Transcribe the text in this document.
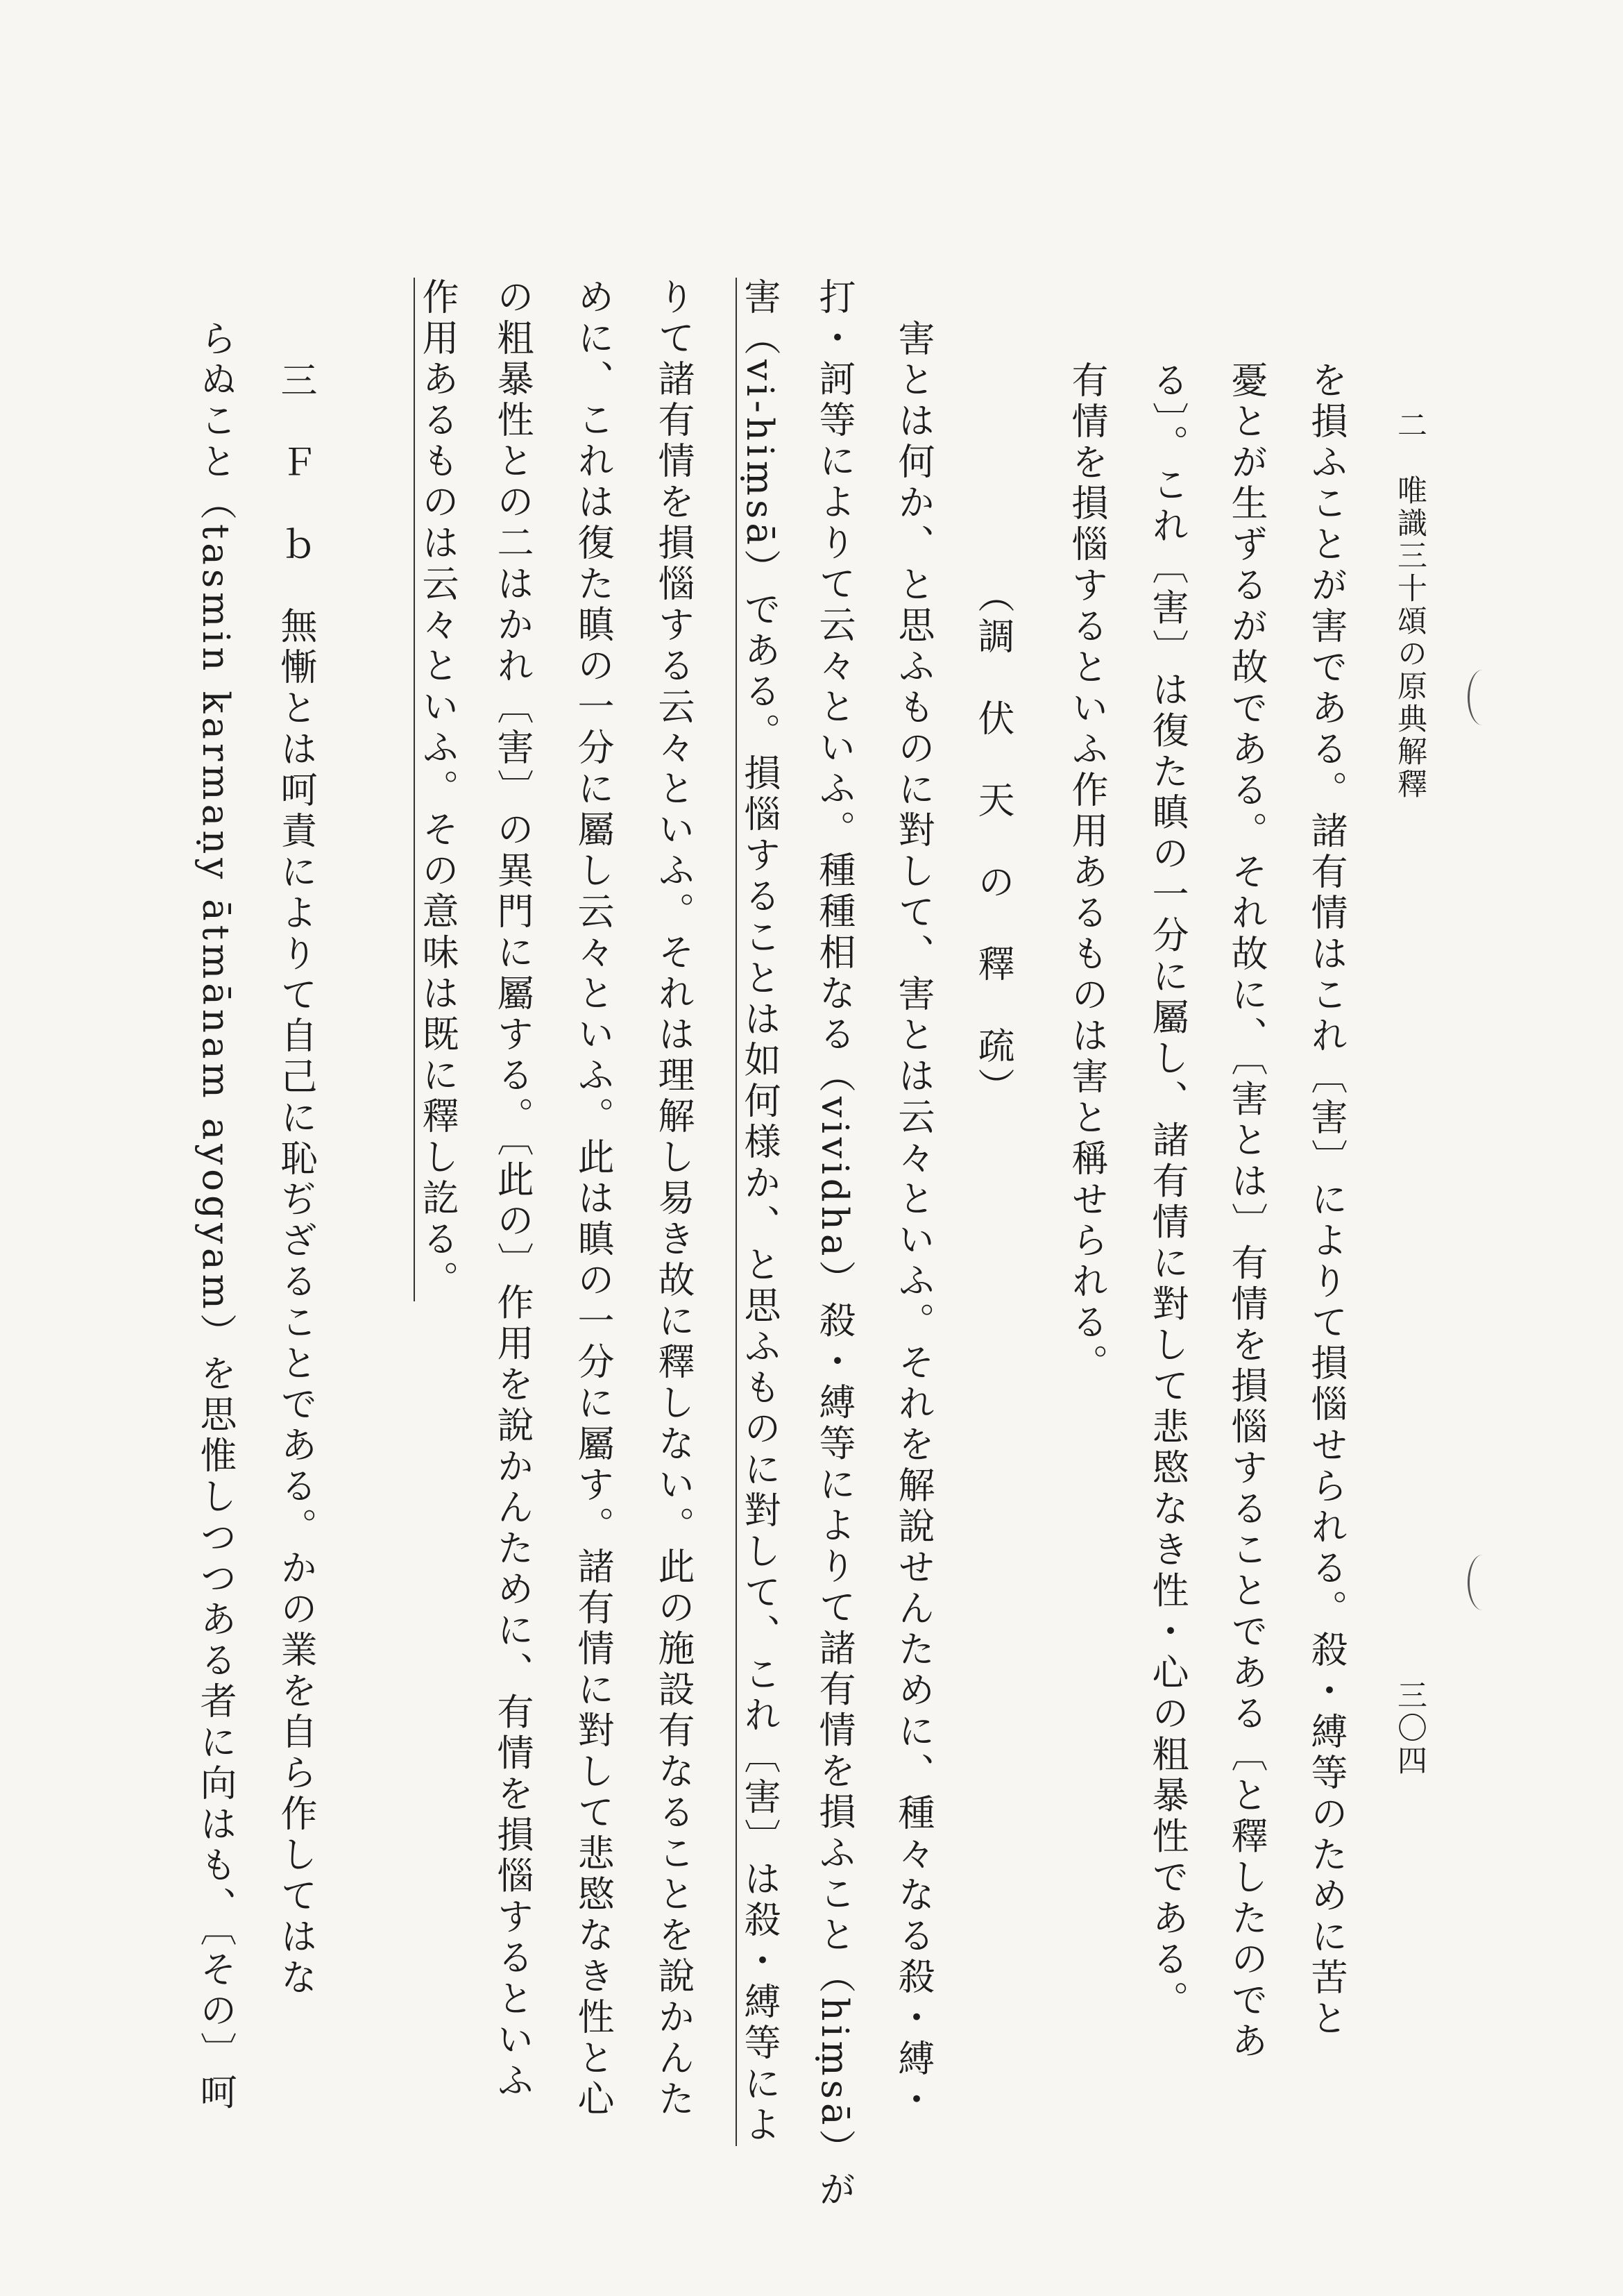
二　唯識三十頌の原典解釋
三〇四
を損ふことが害である。諸有情はこれ〔害〕によりて損惱せられる。殺・縛等のために苦と
憂とが生ずるが故である。それ故に、〔害とは〕有情を損惱することである〔と釋したのであ
る〕。これ〔害〕は復た瞋の一分に屬し、諸有情に對して悲愍なき性・心の粗暴性である。
有情を損惱するといふ作用あるものは害と稱せられる。
（調　伏　天　の　釋　疏）
害とは何か、と思ふものに對して、害とは云々といふ。それを解說せんために、種々なる殺・縛・
打・訶等によりて云々といふ。種種相なる（vividha）殺・縛等によりて諸有情を損ふこと（hiṃsā）が
害（vi-hiṃsā）である。損惱することは如何様か、と思ふものに對して、これ〔害〕は殺・縛等によ
りて諸有情を損惱する云々といふ。それは理解し易き故に釋しない。此の施設有なることを說かんた
めに、これは復た瞋の一分に屬し云々といふ。此は瞋の一分に屬す。諸有情に對して悲愍なき性と心
の粗暴性との二はかれ〔害〕の異門に屬する。〔此の〕作用を說かんために、有情を損惱するといふ
作用あるものは云々といふ。その意味は既に釋し訖る。
三　Ｆ　ｂ　無慚とは呵責によりて自己に恥ぢざることである。かの業を自ら作してはな
らぬこと（tasmin karmaṇy ātmānam ayogyam）を思惟しつつある者に向はも、〔その〕呵
